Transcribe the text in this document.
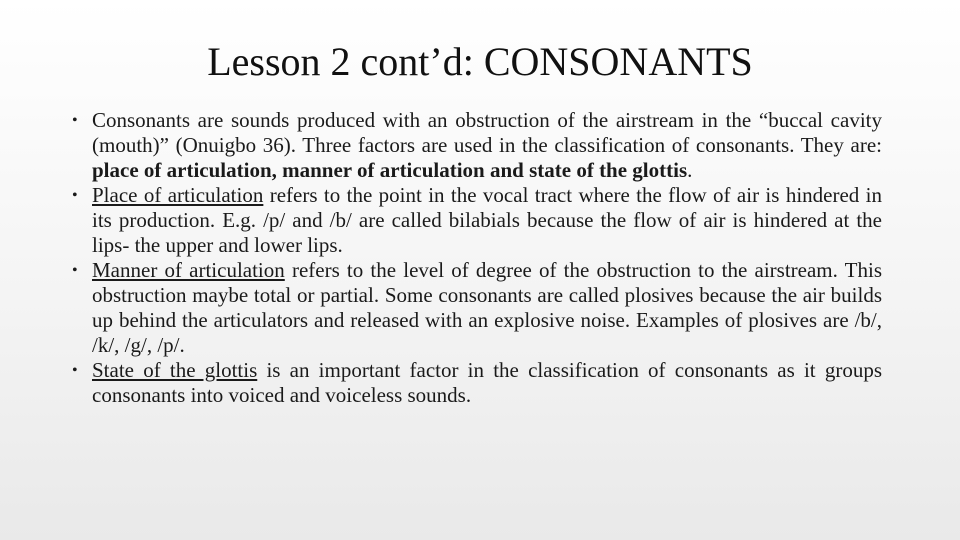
Lesson 2 cont’d: CONSONANTS
• Consonants are sounds produced with an obstruction of the airstream in the “buccal cavity (mouth)” (Onuigbo 36). Three factors are used in the classification of consonants. They are: place of articulation, manner of articulation and state of the glottis.
• Place of articulation refers to the point in the vocal tract where the flow of air is hindered in its production. E.g. /p/ and /b/ are called bilabials because the flow of air is hindered at the lips- the upper and lower lips.
• Manner of articulation refers to the level of degree of the obstruction to the airstream. This obstruction maybe total or partial. Some consonants are called plosives because the air builds up behind the articulators and released with an explosive noise. Examples of plosives are /b/, /k/, /g/, /p/.
• State of the glottis is an important factor in the classification of consonants as it groups consonants into voiced and voiceless sounds.
